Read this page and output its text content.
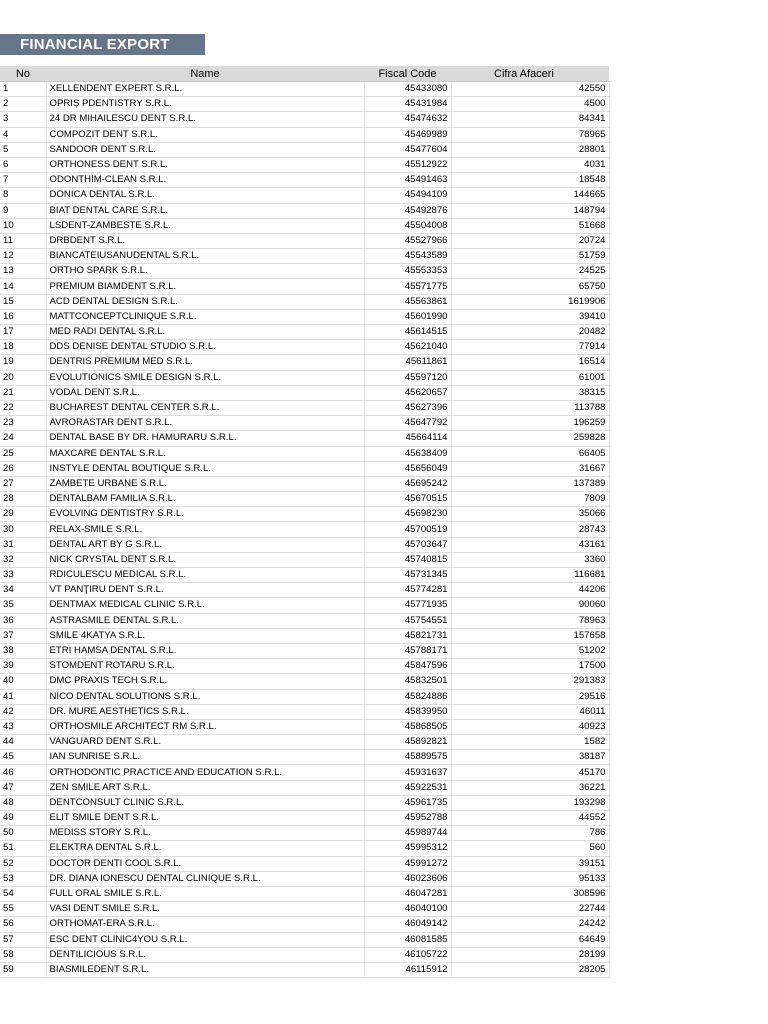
FINANCIAL EXPORT
No	Name	Fiscal Code	Cifra Afaceri
1	XELLENDENT EXPERT S.R.L.	45433080	42550
2	OPRIȘ PDENTISTRY S.R.L.	45431984	4500
3	24 DR MIHAILESCU DENT S.R.L.	45474632	84341
4	COMPOZIT DENT S.R.L.	45469989	78965
5	SANDOOR DENT S.R.L.	45477604	28801
6	ORTHONESS DENT S.R.L.	45512922	4031
7	ODONTHIM-CLEAN S.R.L.	45491463	18548
8	DONICA DENTAL S.R.L.	45494109	144665
9	BIAT DENTAL CARE S.R.L.	45492876	148794
10	LSDENT-ZAMBESTE S.R.L.	45504008	51668
11	DRBDENT S.R.L.	45527966	20724
12	BIANCATEIUSANUDENTAL S.R.L.	45543589	51759
13	ORTHO SPARK S.R.L.	45553353	24525
14	PREMIUM BIAMDENT S.R.L.	45571775	65750
15	ACD DENTAL DESIGN S.R.L.	45563861	1619906
16	MATTCONCEPTCLINIQUE S.R.L.	45601990	39410
17	MED RADI DENTAL S.R.L.	45614515	20482
18	DDS DENISE DENTAL STUDIO S.R.L.	45621040	77914
19	DENTRIS PREMIUM MED S.R.L.	45611861	16514
20	EVOLUTIONICS SMILE DESIGN S.R.L.	45597120	61001
21	VODAL DENT S.R.L.	45620657	38315
22	BUCHAREST DENTAL CENTER S.R.L.	45627396	113788
23	AVRORASTAR DENT S.R.L.	45647792	196259
24	DENTAL BASE BY DR. HAMURARU S.R.L.	45664114	259828
25	MAXCARE DENTAL S.R.L.	45638409	66405
26	INSTYLE DENTAL BOUTIQUE S.R.L.	45656049	31667
27	ZAMBETE URBANE S.R.L.	45695242	137389
28	DENTALBAM FAMILIA S.R.L.	45670515	7809
29	EVOLVING DENTISTRY S.R.L.	45698230	35066
30	RELAX-SMILE S.R.L.	45700519	28743
31	DENTAL ART BY G S.R.L.	45703647	43161
32	NICK CRYSTAL DENT S.R.L.	45740815	3360
33	RDICULESCU MEDICAL S.R.L.	45731345	116681
34	VT PANŢIRU DENT S.R.L.	45774281	44206
35	DENTMAX MEDICAL CLINIC S.R.L.	45771935	90060
36	ASTRASMILE DENTAL S.R.L.	45754551	78963
37	SMILE 4KATYA S.R.L.	45821731	157658
38	ETRI HAMSA DENTAL S.R.L.	45788171	51202
39	STOMDENT ROTARU S.R.L.	45847596	17500
40	DMC PRAXIS TECH S.R.L.	45832501	291383
41	NICO DENTAL SOLUTIONS S.R.L.	45824886	29516
42	DR. MURE AESTHETICS S.R.L.	45839950	46011
43	ORTHOSMILE ARCHITECT RM S.R.L.	45868505	40923
44	VANGUARD DENT S.R.L.	45892821	1582
45	IAN SUNRISE S.R.L.	45889575	38187
46	ORTHODONTIC PRACTICE AND EDUCATION S.R.L.	45931637	45170
47	ZEN SMILE ART S.R.L.	45922531	36221
48	DENTCONSULT CLINIC S.R.L.	45961735	193298
49	ELIT SMILE DENT S.R.L.	45952788	44552
50	MEDISS STORY S.R.L.	45989744	786
51	ELEKTRA DENTAL S.R.L.	45995312	560
52	DOCTOR DENTI COOL S.R.L.	45991272	39151
53	DR. DIANA IONESCU DENTAL CLINIQUE S.R.L.	46023606	95133
54	FULL ORAL SMILE S.R.L.	46047281	308596
55	VASI DENT SMILE S.R.L.	46040100	22744
56	ORTHOMAT-ERA S.R.L.	46049142	24242
57	ESC DENT CLINIC4YOU S.R.L.	46081585	64649
58	DENTILICIOUS S.R.L.	46105722	28199
59	BIASMILEDENT S.R.L.	46115912	28205
